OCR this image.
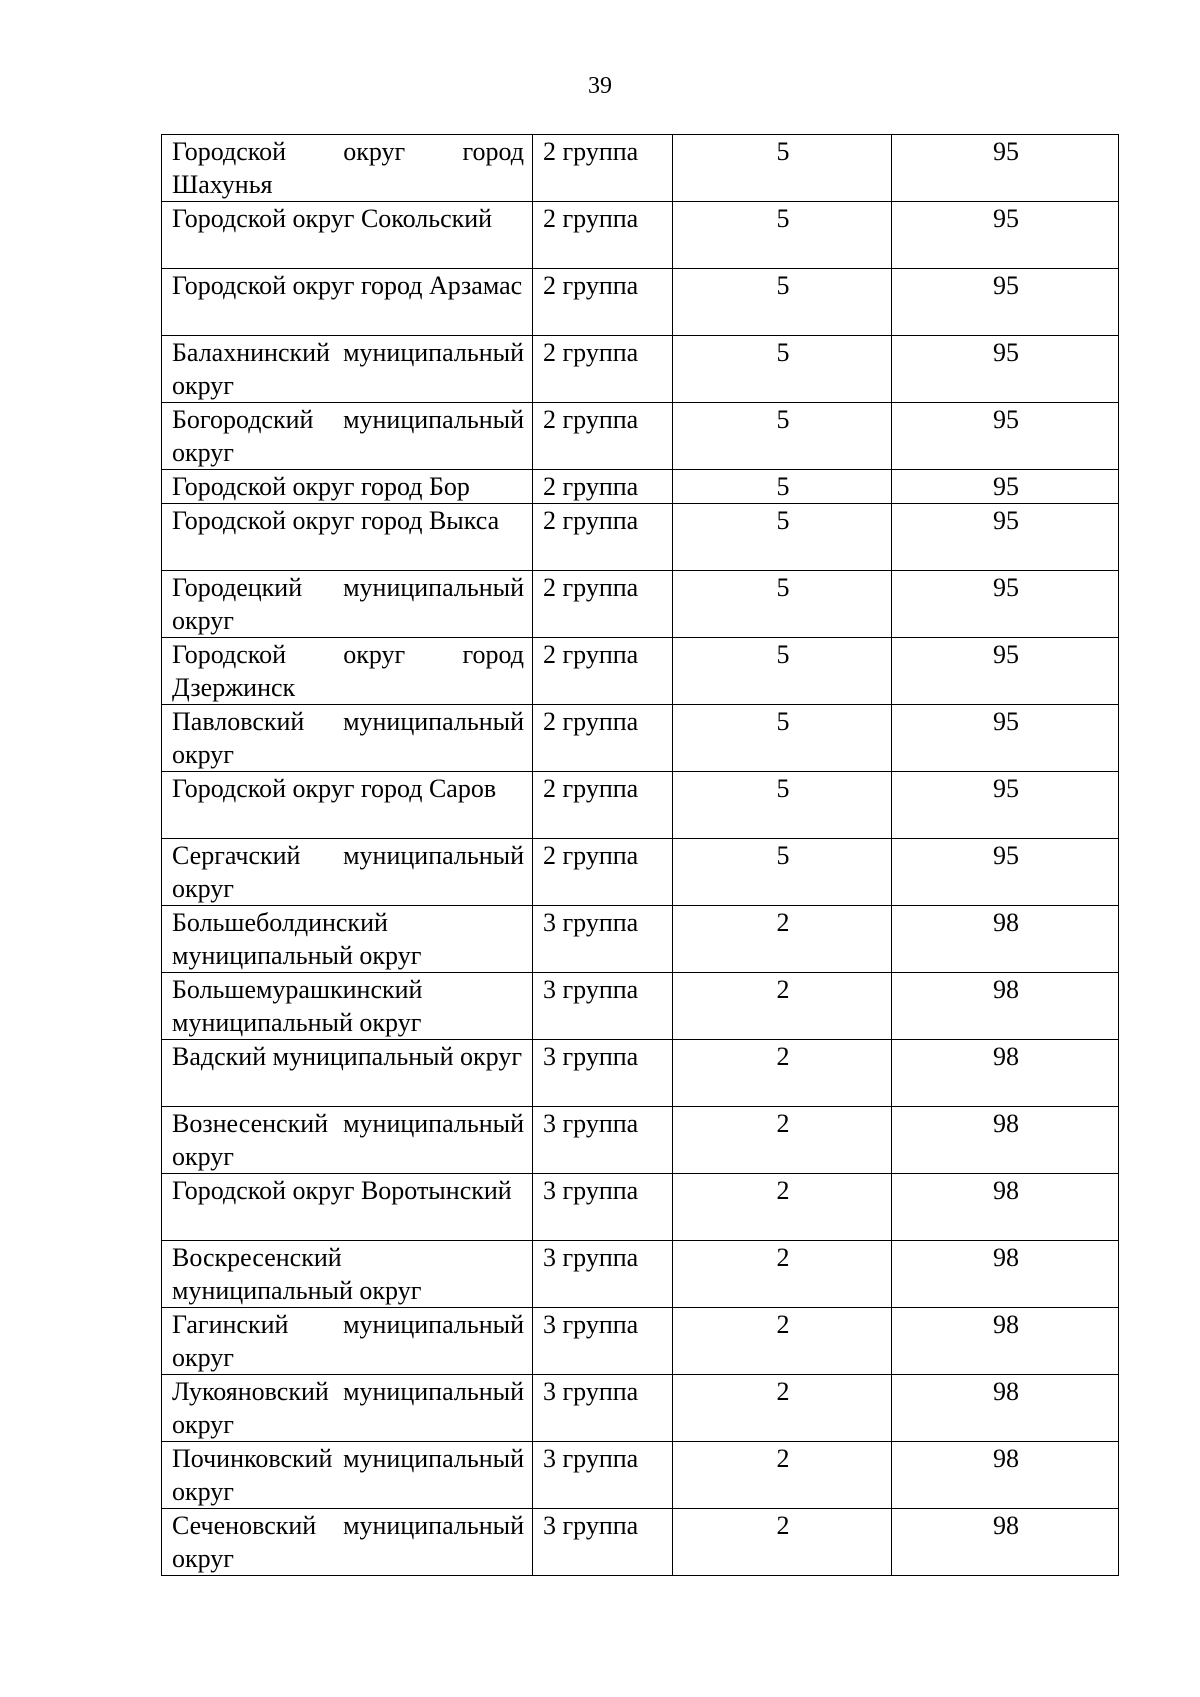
39
Городской округ город Шахунья	2 группа	5	95
Городской округ Сокольский	2 группа	5	95
Городской округ город Арзамас	2 группа	5	95
Балахнинский муниципальный округ	2 группа	5	95
Богородский муниципальный округ	2 группа	5	95
Городской округ город Бор	2 группа	5	95
Городской округ город Выкса	2 группа	5	95
Городецкий муниципальный округ	2 группа	5	95
Городской округ город Дзержинск	2 группа	5	95
Павловский муниципальный округ	2 группа	5	95
Городской округ город Саров	2 группа	5	95
Сергачский муниципальный округ	2 группа	5	95
Большеболдинский муниципальный округ	3 группа	2	98
Большемурашкинский муниципальный округ	3 группа	2	98
Вадский муниципальный округ	3 группа	2	98
Вознесенский муниципальный округ	3 группа	2	98
Городской округ Воротынский	3 группа	2	98
Воскресенский муниципальный округ	3 группа	2	98
Гагинский муниципальный округ	3 группа	2	98
Лукояновский муниципальный округ	3 группа	2	98
Починковский муниципальный округ	3 группа	2	98
Сеченовский муниципальный округ	3 группа	2	98
